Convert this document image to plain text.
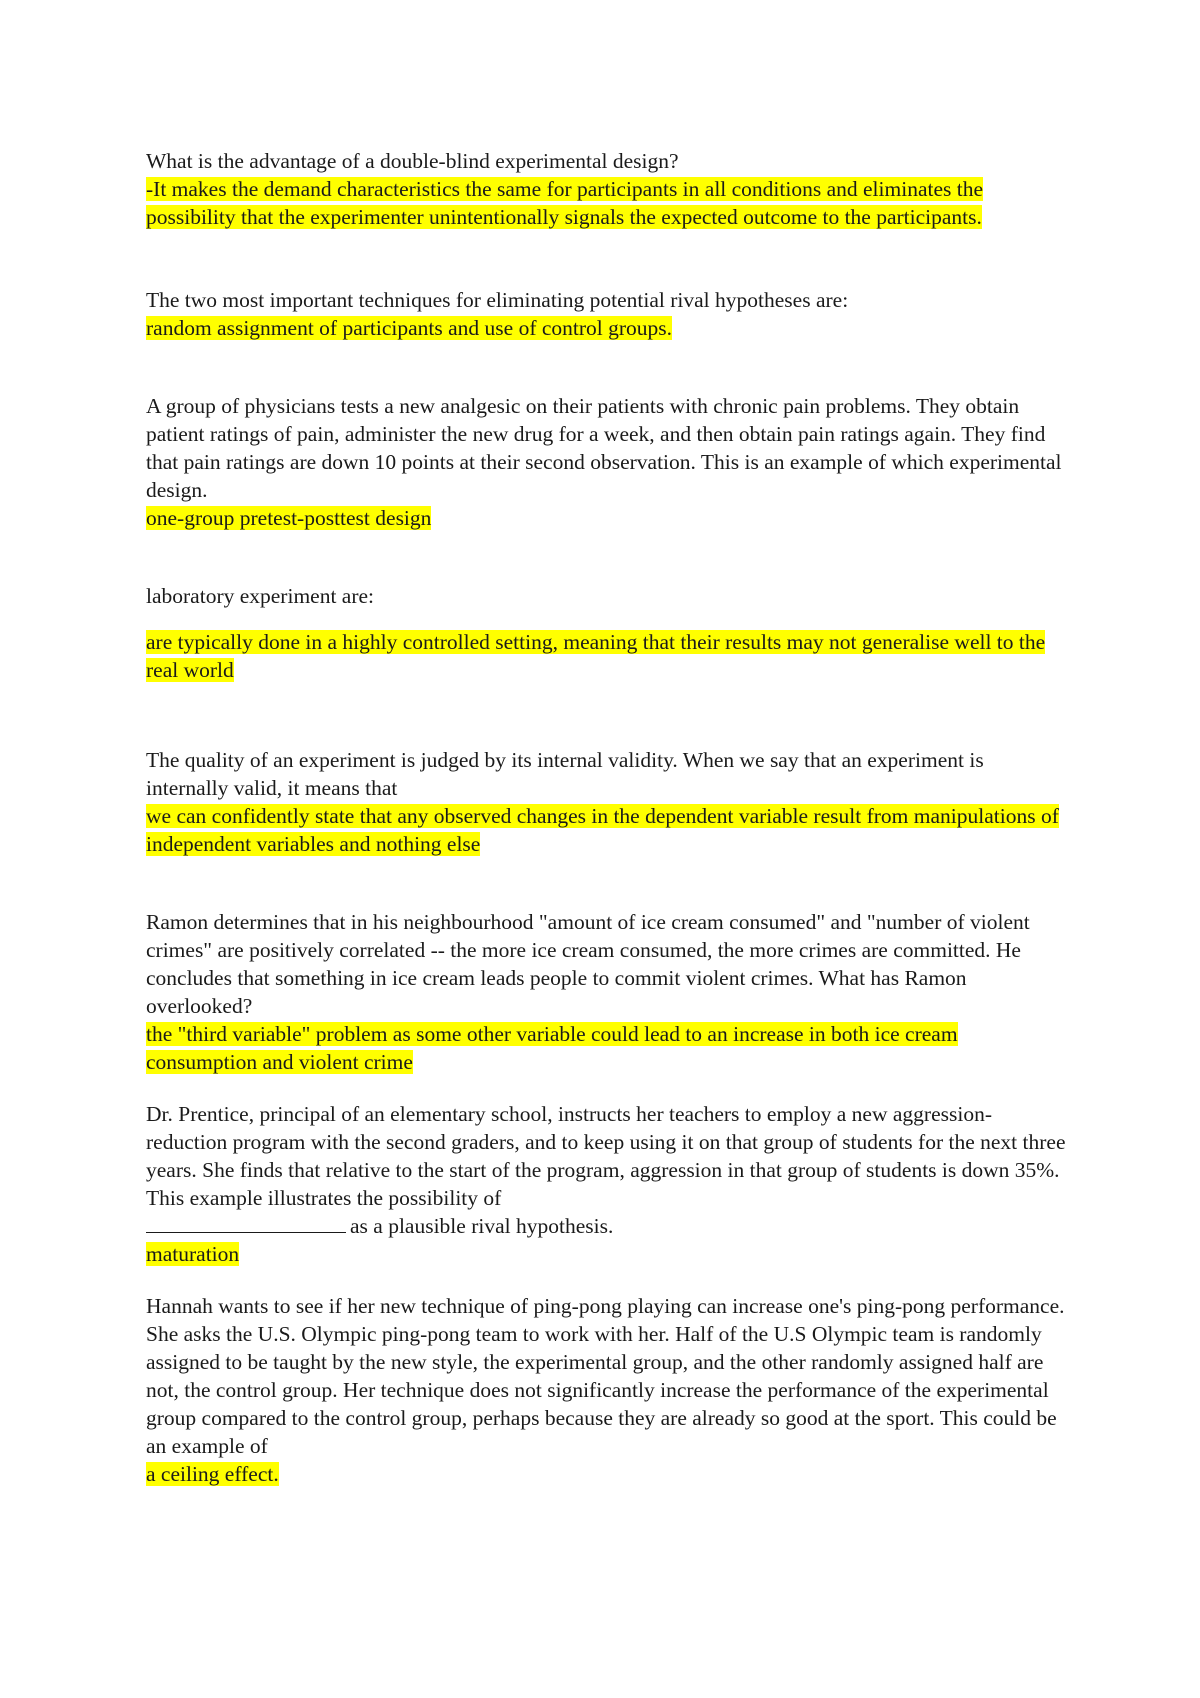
What is the advantage of a double-blind experimental design?

-It makes the demand characteristics the same for participants in all conditions and eliminates the possibility that the experimenter unintentionally signals the expected outcome to the participants.

The two most important techniques for eliminating potential rival hypotheses are:

random assignment of participants and use of control groups.

A group of physicians tests a new analgesic on their patients with chronic pain problems. They obtain patient ratings of pain, administer the new drug for a week, and then obtain pain ratings again. They find that pain ratings are down 10 points at their second observation. This is an example of which experimental design.

one-group pretest-posttest design

laboratory experiment are:

are typically done in a highly controlled setting, meaning that their results may not generalise well to the real world

The quality of an experiment is judged by its internal validity. When we say that an experiment is internally valid, it means that

we can confidently state that any observed changes in the dependent variable result from manipulations of independent variables and nothing else

Ramon determines that in his neighbourhood "amount of ice cream consumed" and "number of violent crimes" are positively correlated -- the more ice cream consumed, the more crimes are committed. He concludes that something in ice cream leads people to commit violent crimes. What has Ramon overlooked?

the "third variable" problem as some other variable could lead to an increase in both ice cream consumption and violent crime

Dr. Prentice, principal of an elementary school, instructs her teachers to employ a new aggression-reduction program with the second graders, and to keep using it on that group of students for the next three years. She finds that relative to the start of the program, aggression in that group of students is down 35%. This example illustrates the possibility of
as a plausible rival hypothesis.

maturation

Hannah wants to see if her new technique of ping-pong playing can increase one's ping-pong performance. She asks the U.S. Olympic ping-pong team to work with her. Half of the U.S Olympic team is randomly assigned to be taught by the new style, the experimental group, and the other randomly assigned half are not, the control group. Her technique does not significantly increase the performance of the experimental group compared to the control group, perhaps because they are already so good at the sport. This could be an example of

a ceiling effect.
